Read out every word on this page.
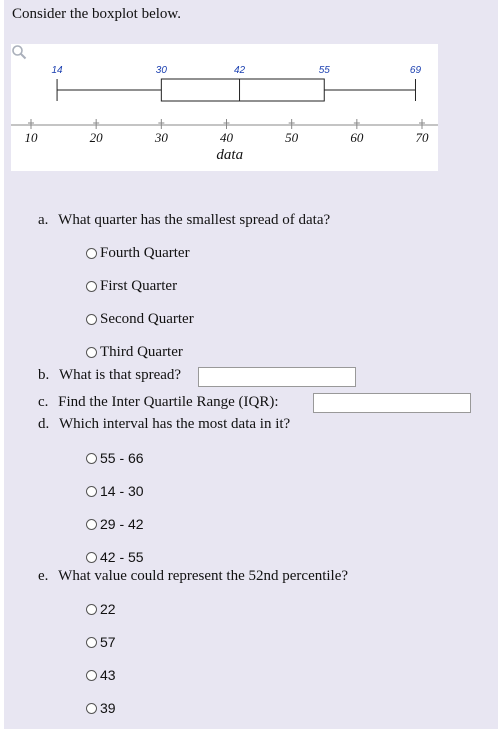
Consider the boxplot below.
14	30	42	55	69
10	20	30	40	50	60	70
data
a. What quarter has the smallest spread of data?
Fourth Quarter
First Quarter
Second Quarter
Third Quarter
b. What is that spread?
c. Find the Inter Quartile Range (IQR):
d. Which interval has the most data in it?
55 - 66
14 - 30
29 - 42
42 - 55
e. What value could represent the 52nd percentile?
22
57
43
39
